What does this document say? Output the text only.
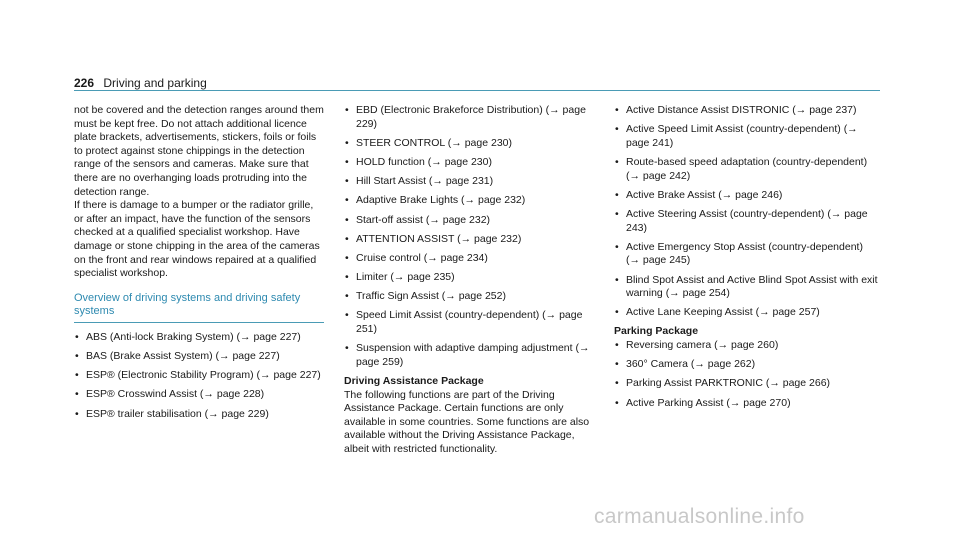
226 Driving and parking

not be covered and the detection ranges around them must be kept free. Do not attach additional licence plate brackets, advertisements, stickers, foils or foils to protect against stone chippings in the detection range of the sensors and cameras. Make sure that there are no overhanging loads protruding into the detection range.

If there is damage to a bumper or the radiator grille, or after an impact, have the function of the sensors checked at a qualified specialist workshop. Have damage or stone chipping in the area of the cameras on the front and rear windows repaired at a qualified specialist workshop.

Overview of driving systems and driving safety systems
• ABS (Anti-lock Braking System) (→ page 227)
• BAS (Brake Assist System) (→ page 227)
• ESP® (Electronic Stability Program) (→ page 227)
• ESP® Crosswind Assist (→ page 228)
• ESP® trailer stabilisation (→ page 229)
• EBD (Electronic Brakeforce Distribution) (→ page 229)
• STEER CONTROL (→ page 230)
• HOLD function (→ page 230)
• Hill Start Assist (→ page 231)
• Adaptive Brake Lights (→ page 232)
• Start-off assist (→ page 232)
• ATTENTION ASSIST (→ page 232)
• Cruise control (→ page 234)
• Limiter (→ page 235)
• Traffic Sign Assist (→ page 252)
• Speed Limit Assist (country-dependent) (→ page 251)
• Suspension with adaptive damping adjustment (→ page 259)
Driving Assistance Package

The following functions are part of the Driving Assistance Package. Certain functions are only available in some countries. Some functions are also available without the Driving Assistance Package, albeit with restricted functionality.

• Active Distance Assist DISTRONIC (→ page 237)
• Active Speed Limit Assist (country-dependent) (→ page 241)
• Route-based speed adaptation (country-dependent) (→ page 242)
• Active Brake Assist (→ page 246)
• Active Steering Assist (country-dependent) (→ page 243)
• Active Emergency Stop Assist (country-dependent) (→ page 245)
• Blind Spot Assist and Active Blind Spot Assist with exit warning (→ page 254)
• Active Lane Keeping Assist (→ page 257)
Parking Package
• Reversing camera (→ page 260)
• 360° Camera (→ page 262)
• Parking Assist PARKTRONIC (→ page 266)
• Active Parking Assist (→ page 270)
carmanualsonline.info
